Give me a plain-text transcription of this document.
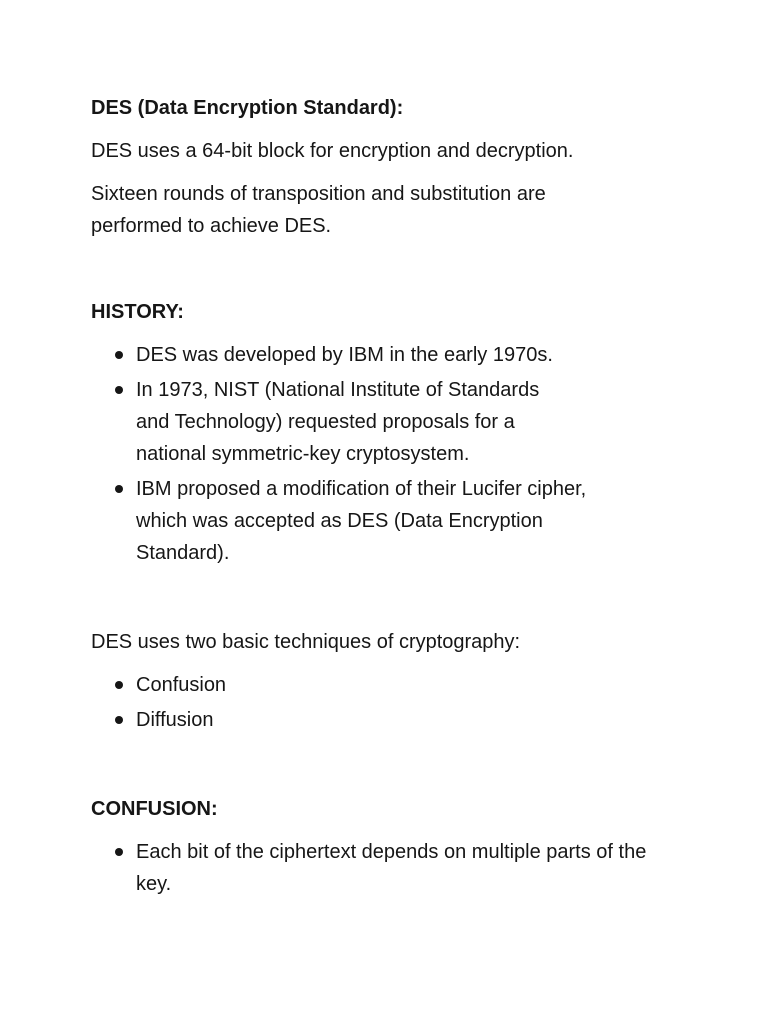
DES (Data Encryption Standard):

DES uses a 64-bit block for encryption and decryption.

Sixteen rounds of transposition and substitution are performed to achieve DES.

HISTORY:

DES was developed by IBM in the early 1970s.
In 1973, NIST (National Institute of Standards and Technology) requested proposals for a national symmetric-key cryptosystem.
IBM proposed a modification of their Lucifer cipher, which was accepted as DES (Data Encryption Standard).

DES uses two basic techniques of cryptography:

Confusion
Diffusion

CONFUSION:

Each bit of the ciphertext depends on multiple parts of the key.
